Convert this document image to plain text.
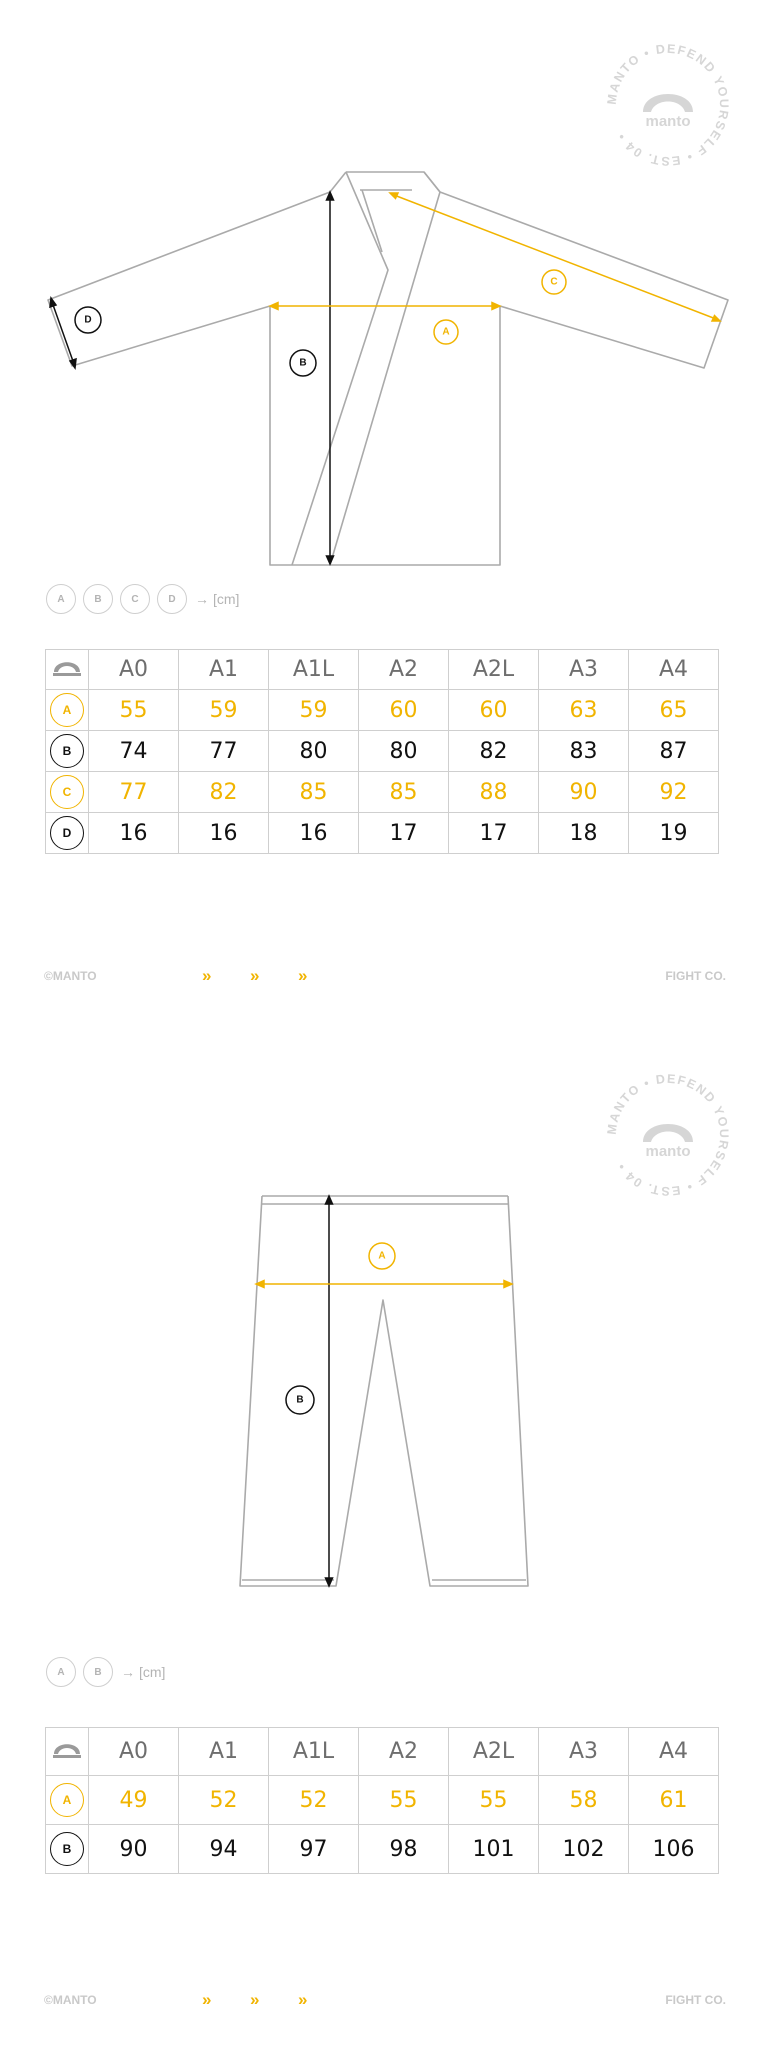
MANTO • DEFEND YOURSELF • EST. 04 •
manto
A
B
C
D
A	B	C	D	→ [cm]
	A0	A1	A1L	A2	A2L	A3	A4

A	55	59	59	60	60	63	65

B	74	77	80	80	82	83	87

C	77	82	85	85	88	90	92

D	16	16	16	17	17	18	19
©MANTO	» » »	FIGHT CO.
MANTO • DEFEND YOURSELF • EST. 04 •
manto
A
B
A	B	→ [cm]
	A0	A1	A1L	A2	A2L	A3	A4

A	49	52	52	55	55	58	61

B	90	94	97	98	101	102	106
©MANTO	» » »	FIGHT CO.
